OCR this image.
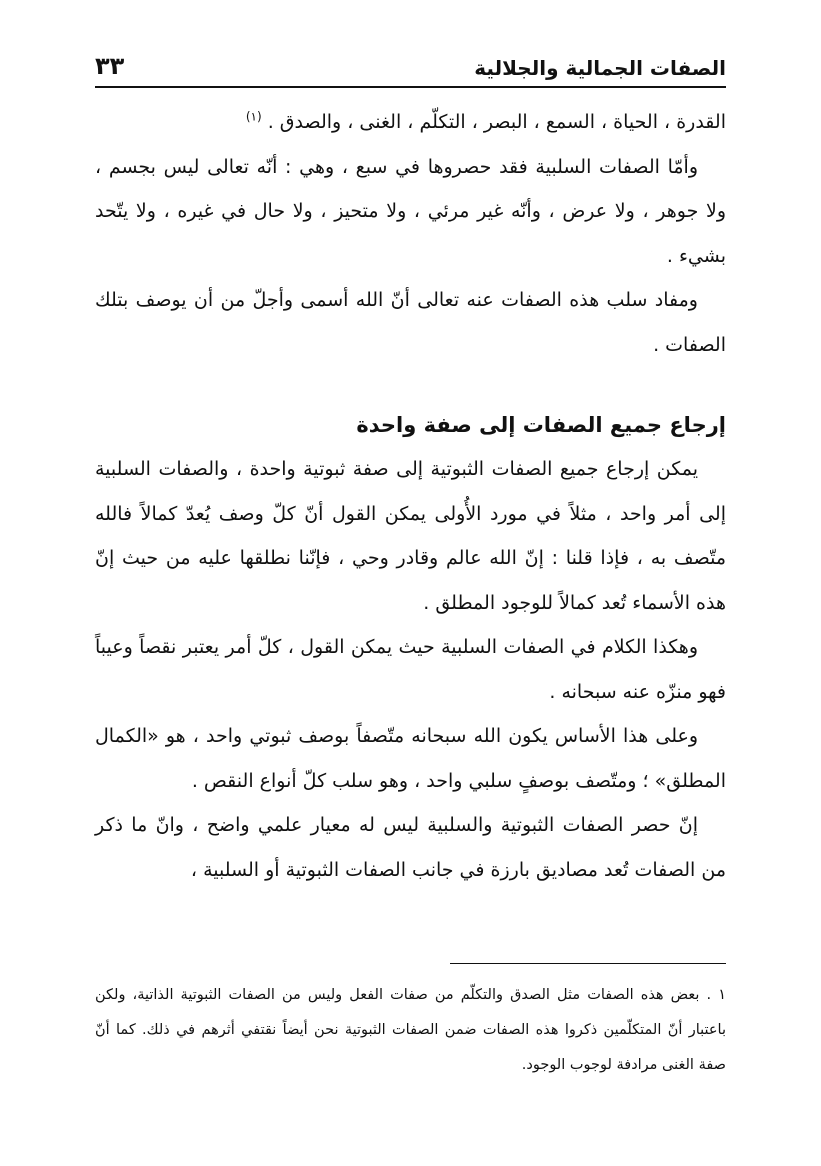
الصفات الجمالية والجلالية
٣٣

القدرة ، الحياة ، السمع ، البصر ، التكلّم ، الغنى ، والصدق . $^{(١)}$

وأمّا الصفات السلبية فقد حصروها في سبع ، وهي : أنّه تعالى ليس بجسم ، ولا جوهر ، ولا عرض ، وأنّه غير مرئي ، ولا متحيز ، ولا حال في غيره ، ولا يتّحد بشيء .

ومفاد سلب هذه الصفات عنه تعالى أنّ الله أسمى وأجلّ من أن يوصف بتلك الصفات .

إرجاع جميع الصفات إلى صفة واحدة

يمكن إرجاع جميع الصفات الثبوتية إلى صفة ثبوتية واحدة ، والصفات السلبية إلى أمر واحد ، مثلاً في مورد الأُولى يمكن القول أنّ كلّ وصف يُعدّ كمالاً فالله متّصف به ، فإذا قلنا : إنّ الله عالم وقادر وحي ، فإنّنا نطلقها عليه من حيث إنّ هذه الأسماء تُعد كمالاً للوجود المطلق .

وهكذا الكلام في الصفات السلبية حيث يمكن القول ، كلّ أمر يعتبر نقصاً وعيباً فهو منزّه عنه سبحانه .

وعلى هذا الأساس يكون الله سبحانه متّصفاً بوصف ثبوتي واحد ، هو «الكمال المطلق» ؛ ومتّصف بوصفٍ سلبي واحد ، وهو سلب كلّ أنواع النقص .

إنّ حصر الصفات الثبوتية والسلبية ليس له معيار علمي واضح ، وانّ ما ذكر من الصفات تُعد مصاديق بارزة في جانب الصفات الثبوتية أو السلبية ،

١ . بعض هذه الصفات مثل الصدق والتكلّم من صفات الفعل وليس من الصفات الثبوتية الذاتية، ولكن باعتبار أنّ المتكلّمين ذكروا هذه الصفات ضمن الصفات الثبوتية نحن أيضاً نقتفي أثرهم في ذلك. كما أنّ صفة الغنى مرادفة لوجوب الوجود.
